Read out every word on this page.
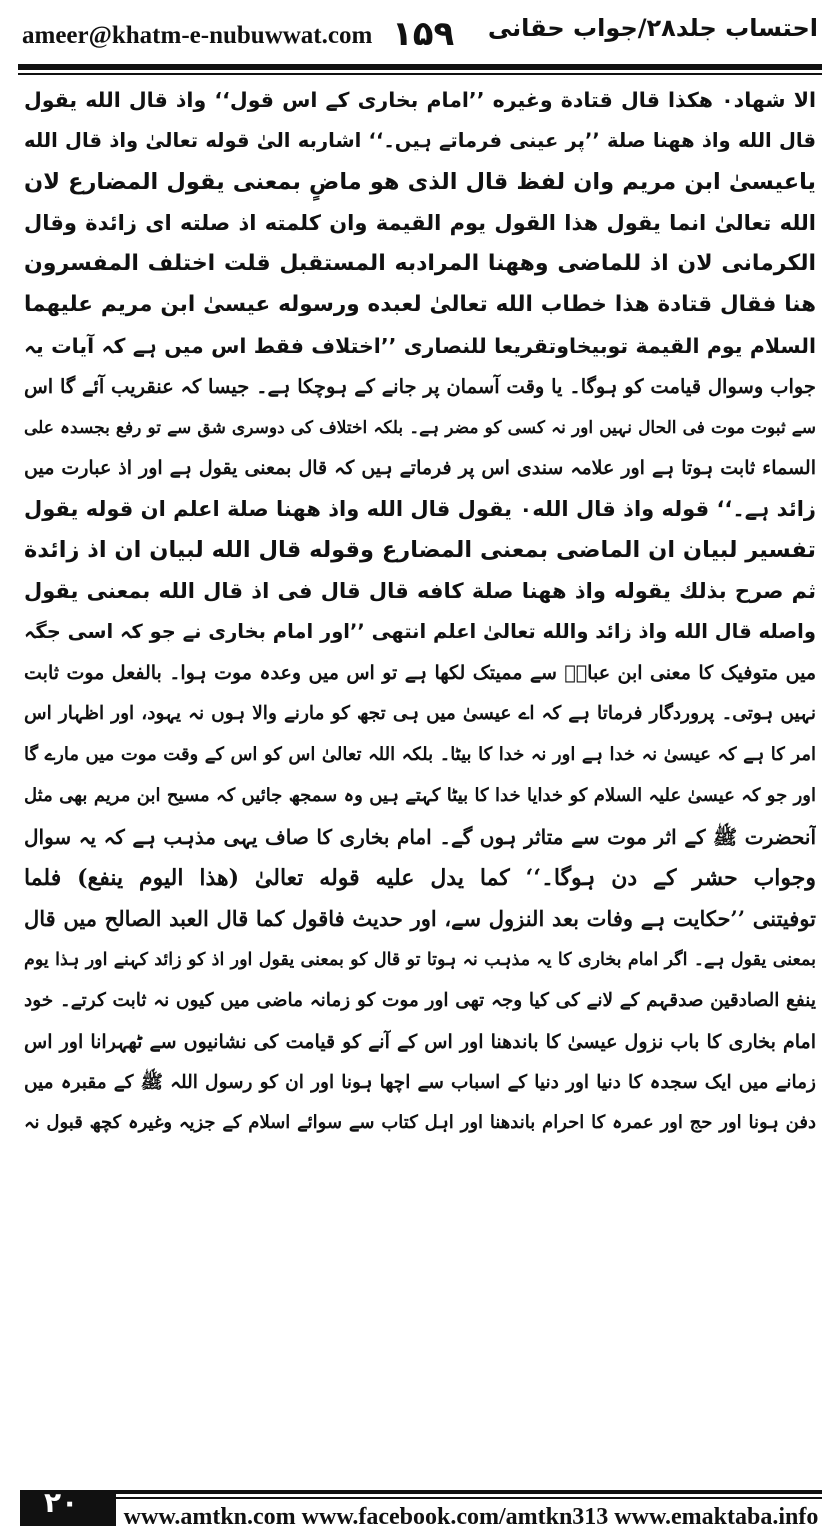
ameer@khatm-e-nubuwwat.com ۱۵۹ احتساب جلد۲۸/جواب حقانی
الا شهاد۰ هكذا قال قتادة وغيره ’’امام بخاری کے اس قول‘‘ واذ قال الله يقول
قال الله واذ ههنا صلة ’’پر عینی فرماتے ہیں۔‘‘ اشاربه الىٰ قوله تعالىٰ واذ قال الله
ياعيسىٰ ابن مريم وان لفظ قال الذى هو ماضٍ بمعنى يقول المضارع لان
الله تعالىٰ انما يقول هذا القول يوم القيمة وان كلمته اذ صلته اى زائدة وقال
الكرمانى لان اذ للماضى وههنا المرادبه المستقبل قلت اختلف المفسرون
هنا فقال قتادة هذا خطاب الله تعالىٰ لعبده ورسوله عيسىٰ ابن مريم عليهما
السلام يوم القيمة توبيخاوتقريعا للنصارى ’’اختلاف فقط اس میں ہے کہ آیات یہ
جواب وسوال قیامت کو ہوگا۔ یا وقت آسمان پر جانے کے ہوچکا ہے۔ جیسا کہ عنقریب آئے گا اس
سے ثبوت موت فی الحال نہیں اور نہ کسی کو مضر ہے۔ بلکہ اختلاف کی دوسری شق سے تو رفع بجسدہ علی
السماء ثابت ہوتا ہے اور علامہ سندی اس پر فرماتے ہیں کہ قال بمعنی یقول ہے اور اذ عبارت میں
زائد ہے۔‘‘ قوله واذ قال الله۰ يقول قال الله واذ ههنا صلة اعلم ان قوله يقول
تفسير لبيان ان الماضى بمعنى المضارع وقوله قال الله لبيان ان اذ زائدة
ثم صرح بذلك يقوله واذ ههنا صلة كافه قال قال فى اذ قال الله بمعنى يقول
واصله قال الله واذ زائد والله تعالىٰ اعلم انتهى ’’اور امام بخاری نے جو کہ اسی جگہ
میں متوفیک کا معنی ابن عباسؓ سے ممیتک لکھا ہے تو اس میں وعدہ موت ہوا۔ بالفعل موت ثابت
نہیں ہوتی۔ پروردگار فرماتا ہے کہ اے عیسیٰ میں ہی تجھ کو مارنے والا ہوں نہ یہود، اور اظہار اس
امر کا ہے کہ عیسیٰ نہ خدا ہے اور نہ خدا کا بیٹا۔ بلکہ اللہ تعالیٰ اس کو اس کے وقت موت میں مارے گا
اور جو کہ عیسیٰ علیہ السلام کو خدایا خدا کا بیٹا کہتے ہیں وہ سمجھ جائیں کہ مسیح ابن مریم بھی مثل
آنحضرت ﷺ کے اثر موت سے متاثر ہوں گے۔ امام بخاری کا صاف یہی مذہب ہے کہ یہ سوال
وجواب حشر کے دن ہوگا۔‘‘ كما يدل عليه قوله تعالىٰ (هذا اليوم ينفع) فلما
توفيتنى ’’حکایت ہے وفات بعد النزول سے، اور حدیث فاقول کما قال العبد الصالح میں قال
بمعنی یقول ہے۔ اگر امام بخاری کا یہ مذہب نہ ہوتا تو قال کو بمعنی یقول اور اذ کو زائد کہنے اور ہذا یوم
ینفع الصادقین صدقہم کے لانے کی کیا وجہ تھی اور موت کو زمانہ ماضی میں کیوں نہ ثابت کرتے۔ خود
امام بخاری کا باب نزول عیسیٰ کا باندھنا اور اس کے آنے کو قیامت کی نشانیوں سے ٹھہرانا اور اس
زمانے میں ایک سجدہ کا دنیا اور دنیا کے اسباب سے اچھا ہونا اور ان کو رسول اللہ ﷺ کے مقبرہ میں
دفن ہونا اور حج اور عمرہ کا احرام باندھنا اور اہل کتاب سے سوائے اسلام کے جزیہ وغیرہ کچھ قبول نہ
۲۰ www.amtkn.com www.facebook.com/amtkn313 www.emaktaba.info
